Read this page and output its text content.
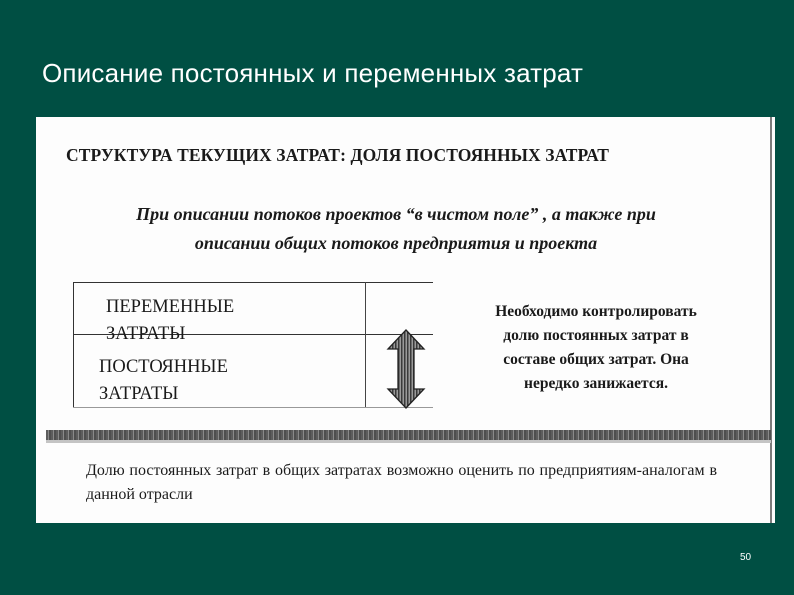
Описание постоянных и переменных затрат
СТРУКТУРА ТЕКУЩИХ ЗАТРАТ: ДОЛЯ ПОСТОЯННЫХ ЗАТРАТ
При описании потоков проектов “в чистом поле” , а также при описании общих потоков предприятия и проекта
ПЕРЕМЕННЫЕ
ЗАТРАТЫ
ПОСТОЯННЫЕ
ЗАТРАТЫ
Необходимо контролировать долю постоянных затрат в составе общих затрат. Она нередко занижается.
Долю постоянных затрат в общих затратах возможно оценить по предприятиям-аналогам в данной отрасли
50
